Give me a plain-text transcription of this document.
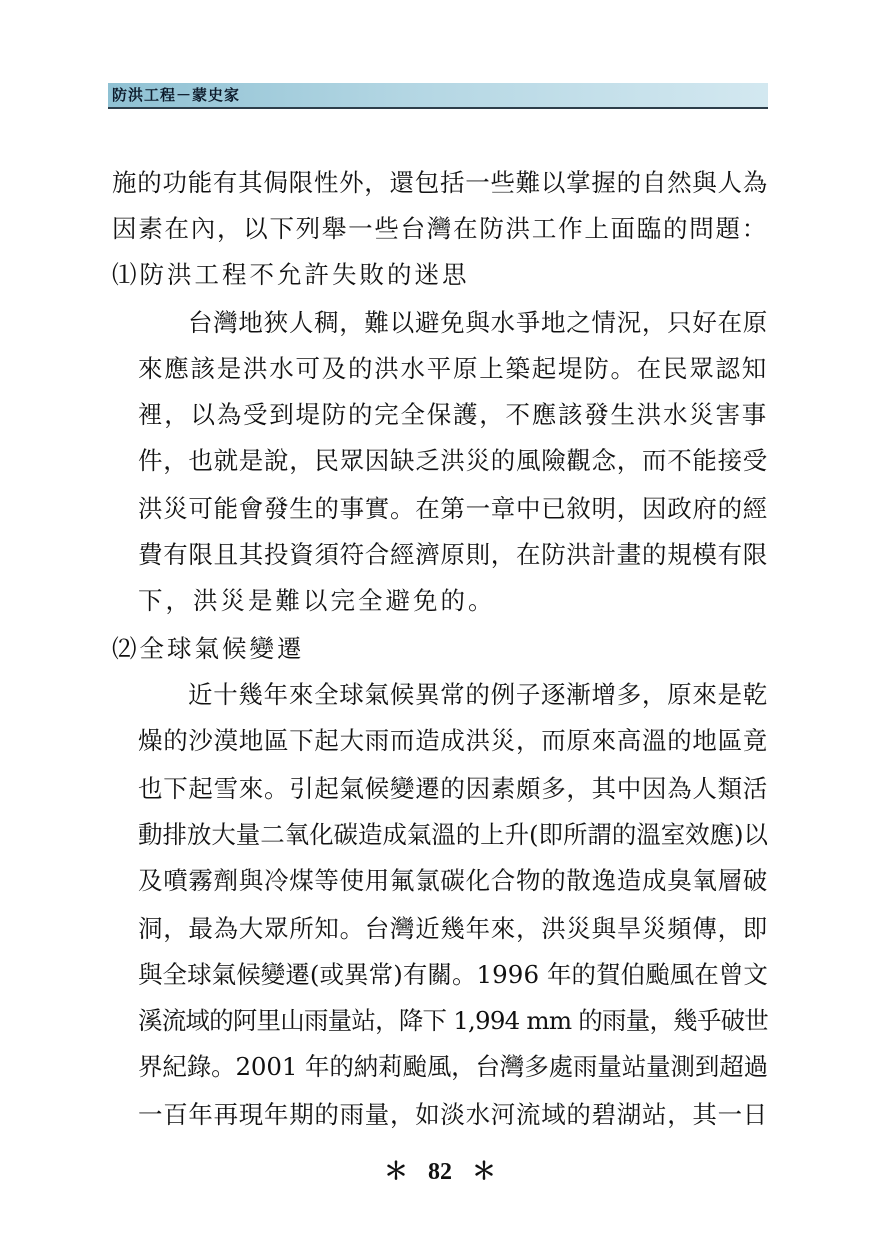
防洪工程－蒙史家
施的功能有其侷限性外，還包括一些難以掌握的自然與人為
因素在內，以下列舉一些台灣在防洪工作上面臨的問題：
⑴防洪工程不允許失敗的迷思
台灣地狹人稠，難以避免與水爭地之情況，只好在原
來應該是洪水可及的洪水平原上築起堤防。在民眾認知
裡，以為受到堤防的完全保護，不應該發生洪水災害事
件，也就是說，民眾因缺乏洪災的風險觀念，而不能接受
洪災可能會發生的事實。在第一章中已敘明，因政府的經
費有限且其投資須符合經濟原則，在防洪計畫的規模有限
下，洪災是難以完全避免的。
⑵全球氣候變遷
近十幾年來全球氣候異常的例子逐漸增多，原來是乾
燥的沙漠地區下起大雨而造成洪災，而原來高溫的地區竟
也下起雪來。引起氣候變遷的因素頗多，其中因為人類活
動排放大量二氧化碳造成氣溫的上升(即所謂的溫室效應)以
及噴霧劑與冷煤等使用氟氯碳化合物的散逸造成臭氧層破
洞，最為大眾所知。台灣近幾年來，洪災與旱災頻傳，即
與全球氣候變遷(或異常)有關。1996 年的賀伯颱風在曾文
溪流域的阿里山雨量站，降下 1,994 mm 的雨量，幾乎破世
界紀錄。2001 年的納莉颱風，台灣多處雨量站量測到超過
一百年再現年期的雨量，如淡水河流域的碧湖站，其一日
＊ 82 ＊
